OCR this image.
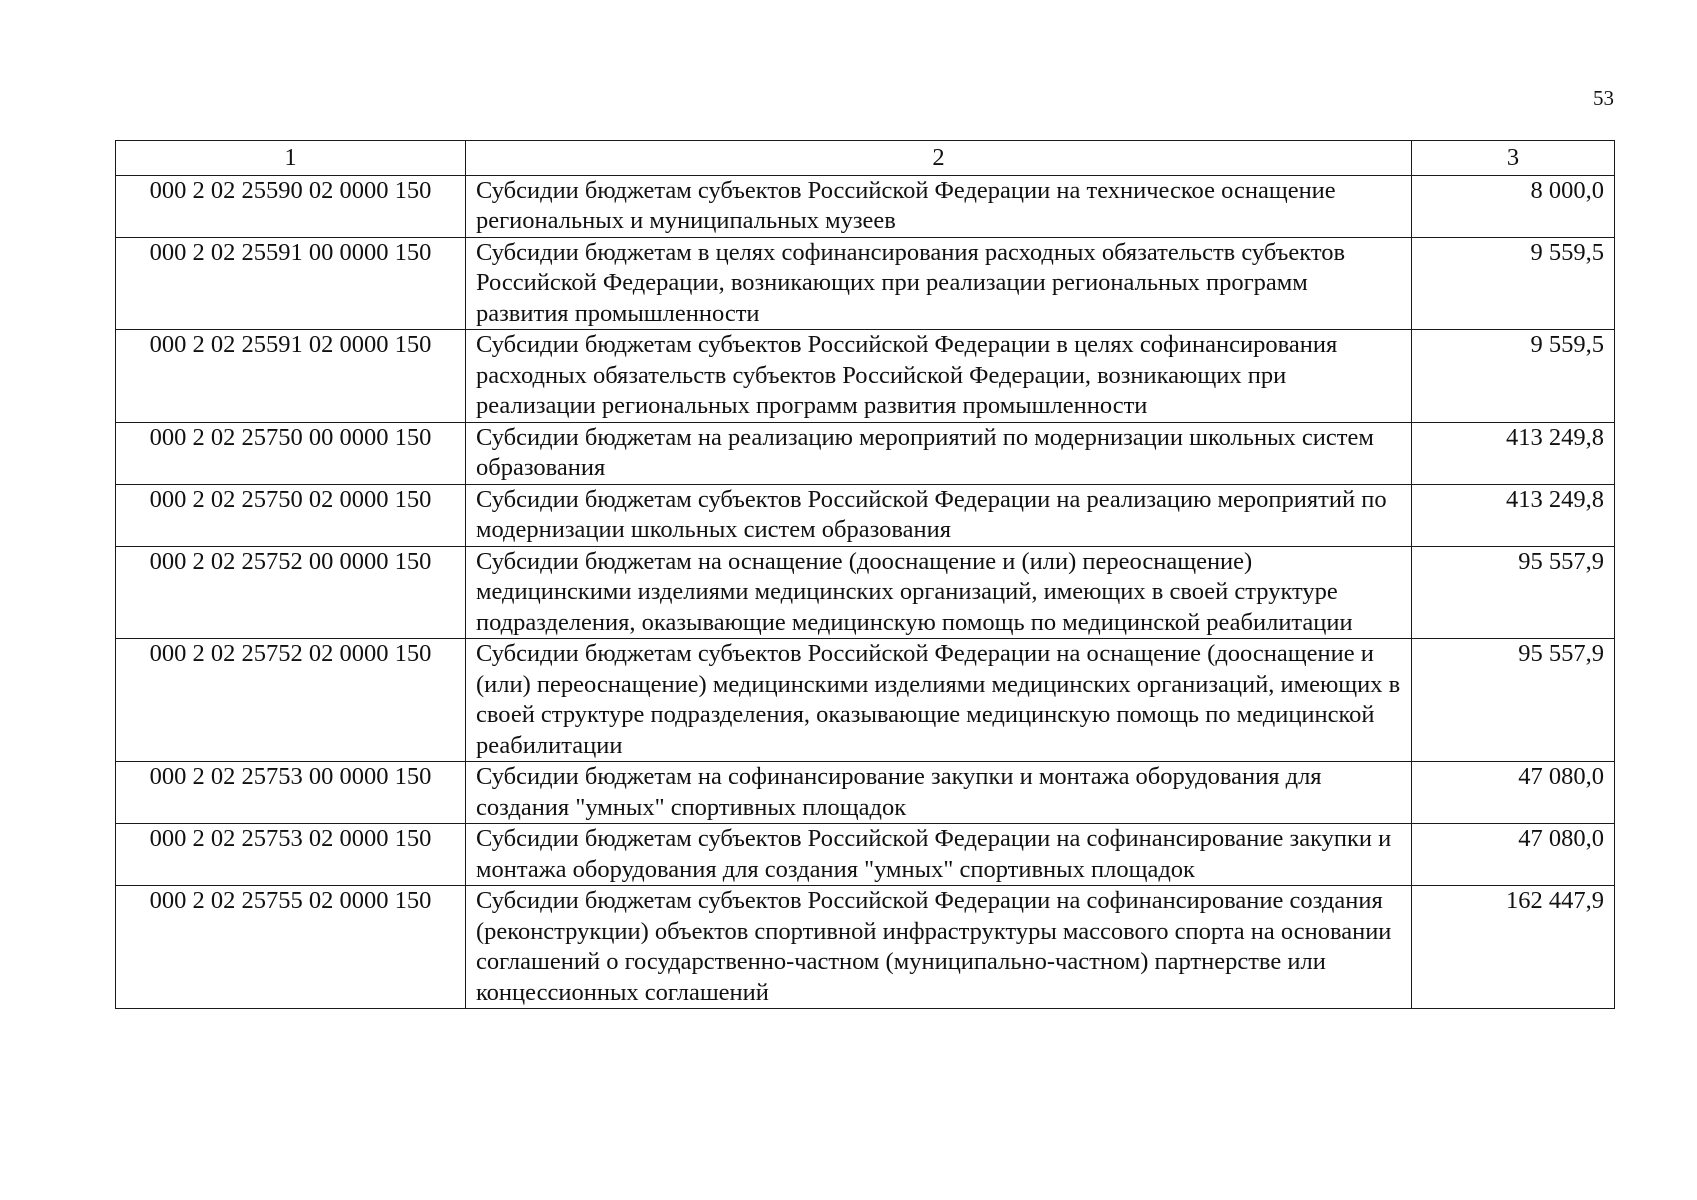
53
1	2	3
000 2 02 25590 02 0000 150	Субсидии бюджетам субъектов Российской Федерации на техническое оснащение региональных и муниципальных музеев	8 000,0
000 2 02 25591 00 0000 150	Субсидии бюджетам в целях софинансирования расходных обязательств субъектов Российской Федерации, возникающих при реализации региональных программ развития промышленности	9 559,5
000 2 02 25591 02 0000 150	Субсидии бюджетам субъектов Российской Федерации в целях софинансирования расходных обязательств субъектов Российской Федерации, возникающих при реализации региональных программ развития промышленности	9 559,5
000 2 02 25750 00 0000 150	Субсидии бюджетам на реализацию мероприятий по модернизации школьных систем образования	413 249,8
000 2 02 25750 02 0000 150	Субсидии бюджетам субъектов Российской Федерации на реализацию мероприятий по модернизации школьных систем образования	413 249,8
000 2 02 25752 00 0000 150	Субсидии бюджетам на оснащение (дооснащение и (или) переоснащение) медицинскими изделиями медицинских организаций, имеющих в своей структуре подразделения, оказывающие медицинскую помощь по медицинской реабилитации	95 557,9
000 2 02 25752 02 0000 150	Субсидии бюджетам субъектов Российской Федерации на оснащение (дооснащение и (или) переоснащение) медицинскими изделиями медицинских организаций, имеющих в своей структуре подразделения, оказывающие медицинскую помощь по медицинской реабилитации	95 557,9
000 2 02 25753 00 0000 150	Субсидии бюджетам на софинансирование закупки и монтажа оборудования для создания "умных" спортивных площадок	47 080,0
000 2 02 25753 02 0000 150	Субсидии бюджетам субъектов Российской Федерации на софинансирование закупки и монтажа оборудования для создания "умных" спортивных площадок	47 080,0
000 2 02 25755 02 0000 150	Субсидии бюджетам субъектов Российской Федерации на софинансирование создания (реконструкции) объектов спортивной инфраструктуры массового спорта на основании соглашений о государственно-частном (муниципально-частном) партнерстве или концессионных соглашений	162 447,9
